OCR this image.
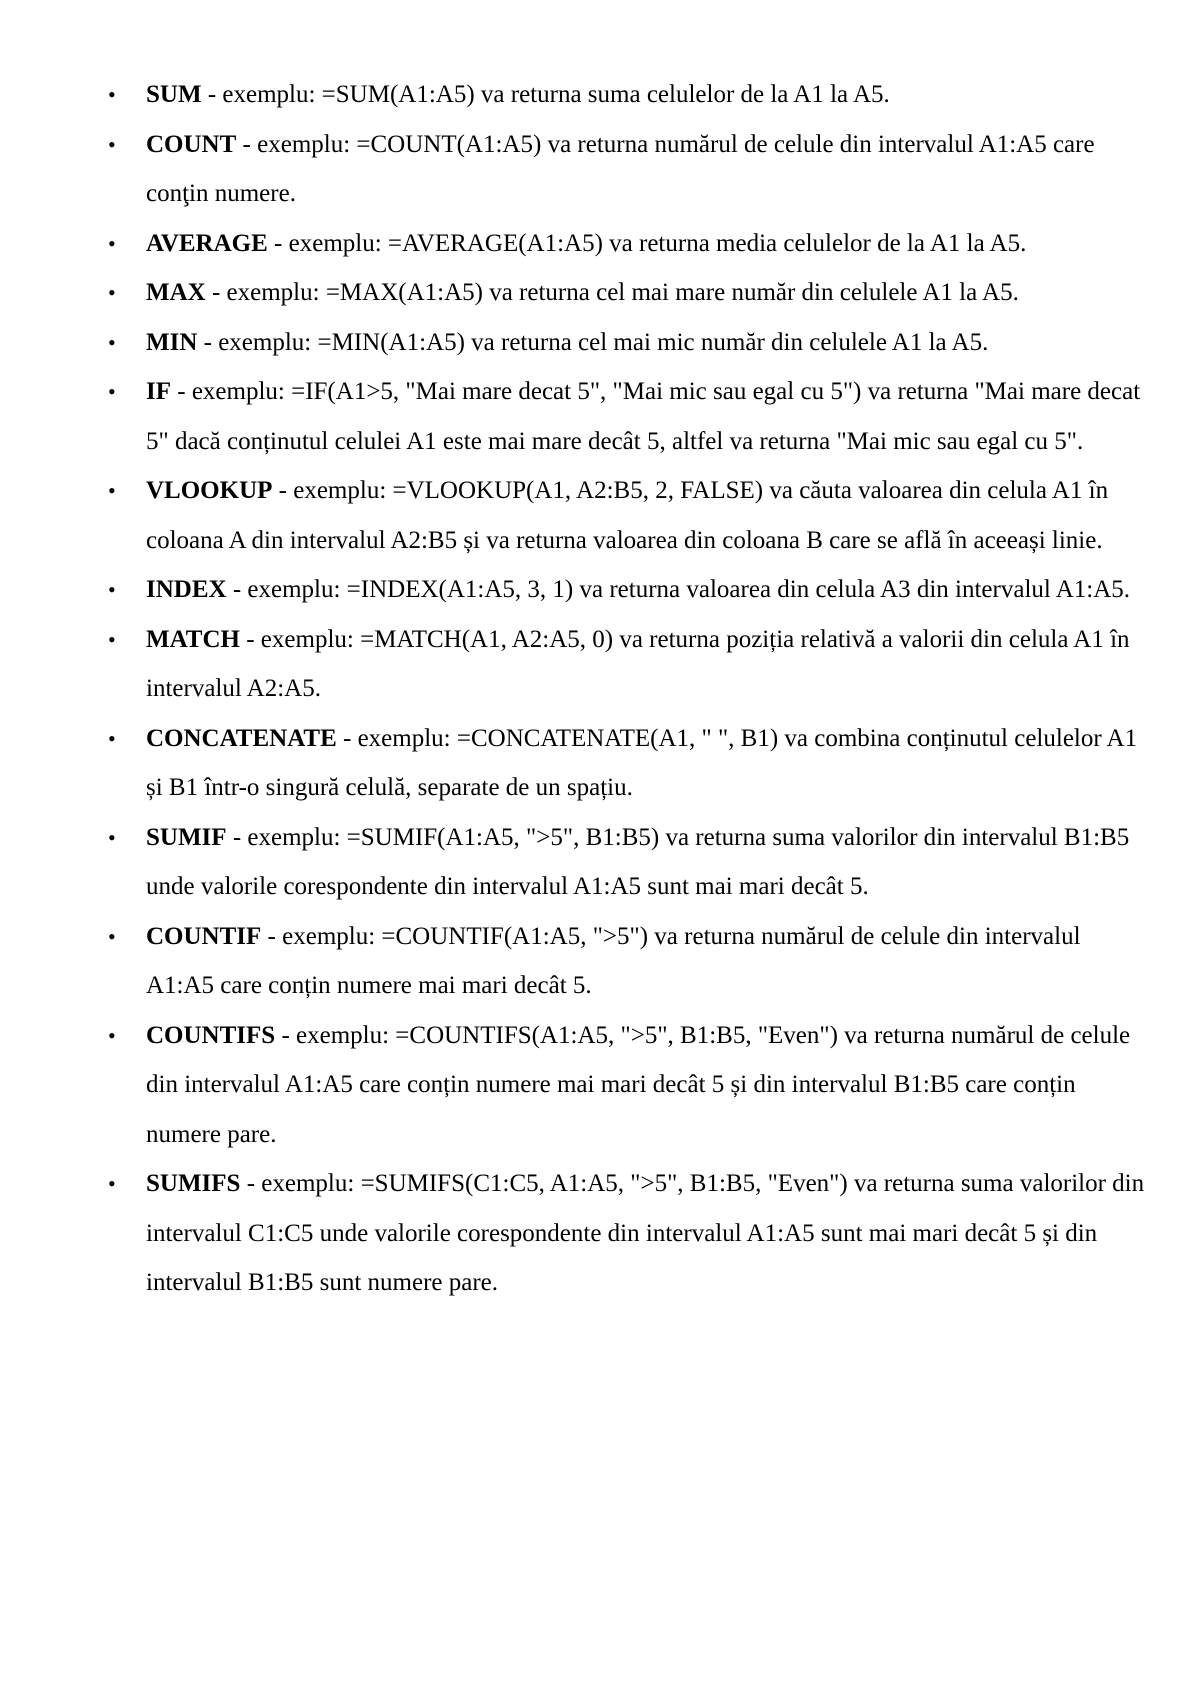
• SUM - exemplu: =SUM(A1:A5) va returna suma celulelor de la A1 la A5.
• COUNT - exemplu: =COUNT(A1:A5) va returna numărul de celule din intervalul A1:A5 care conţin numere.
• AVERAGE - exemplu: =AVERAGE(A1:A5) va returna media celulelor de la A1 la A5.
• MAX - exemplu: =MAX(A1:A5) va returna cel mai mare număr din celulele A1 la A5.
• MIN - exemplu: =MIN(A1:A5) va returna cel mai mic număr din celulele A1 la A5.
• IF - exemplu: =IF(A1>5, "Mai mare decat 5", "Mai mic sau egal cu 5") va returna "Mai mare decat 5" dacă conținutul celulei A1 este mai mare decât 5, altfel va returna "Mai mic sau egal cu 5".
• VLOOKUP - exemplu: =VLOOKUP(A1, A2:B5, 2, FALSE) va căuta valoarea din celula A1 în coloana A din intervalul A2:B5 și va returna valoarea din coloana B care se află în aceeași linie.
• INDEX - exemplu: =INDEX(A1:A5, 3, 1) va returna valoarea din celula A3 din intervalul A1:A5.
• MATCH - exemplu: =MATCH(A1, A2:A5, 0) va returna poziția relativă a valorii din celula A1 în intervalul A2:A5.
• CONCATENATE - exemplu: =CONCATENATE(A1, " ", B1) va combina conținutul celulelor A1 și B1 într-o singură celulă, separate de un spațiu.
• SUMIF - exemplu: =SUMIF(A1:A5, ">5", B1:B5) va returna suma valorilor din intervalul B1:B5 unde valorile corespondente din intervalul A1:A5 sunt mai mari decât 5.
• COUNTIF - exemplu: =COUNTIF(A1:A5, ">5") va returna numărul de celule din intervalul A1:A5 care conțin numere mai mari decât 5.
• COUNTIFS - exemplu: =COUNTIFS(A1:A5, ">5", B1:B5, "Even") va returna numărul de celule din intervalul A1:A5 care conțin numere mai mari decât 5 și din intervalul B1:B5 care conțin numere pare.
• SUMIFS - exemplu: =SUMIFS(C1:C5, A1:A5, ">5", B1:B5, "Even") va returna suma valorilor din intervalul C1:C5 unde valorile corespondente din intervalul A1:A5 sunt mai mari decât 5 și din intervalul B1:B5 sunt numere pare.
